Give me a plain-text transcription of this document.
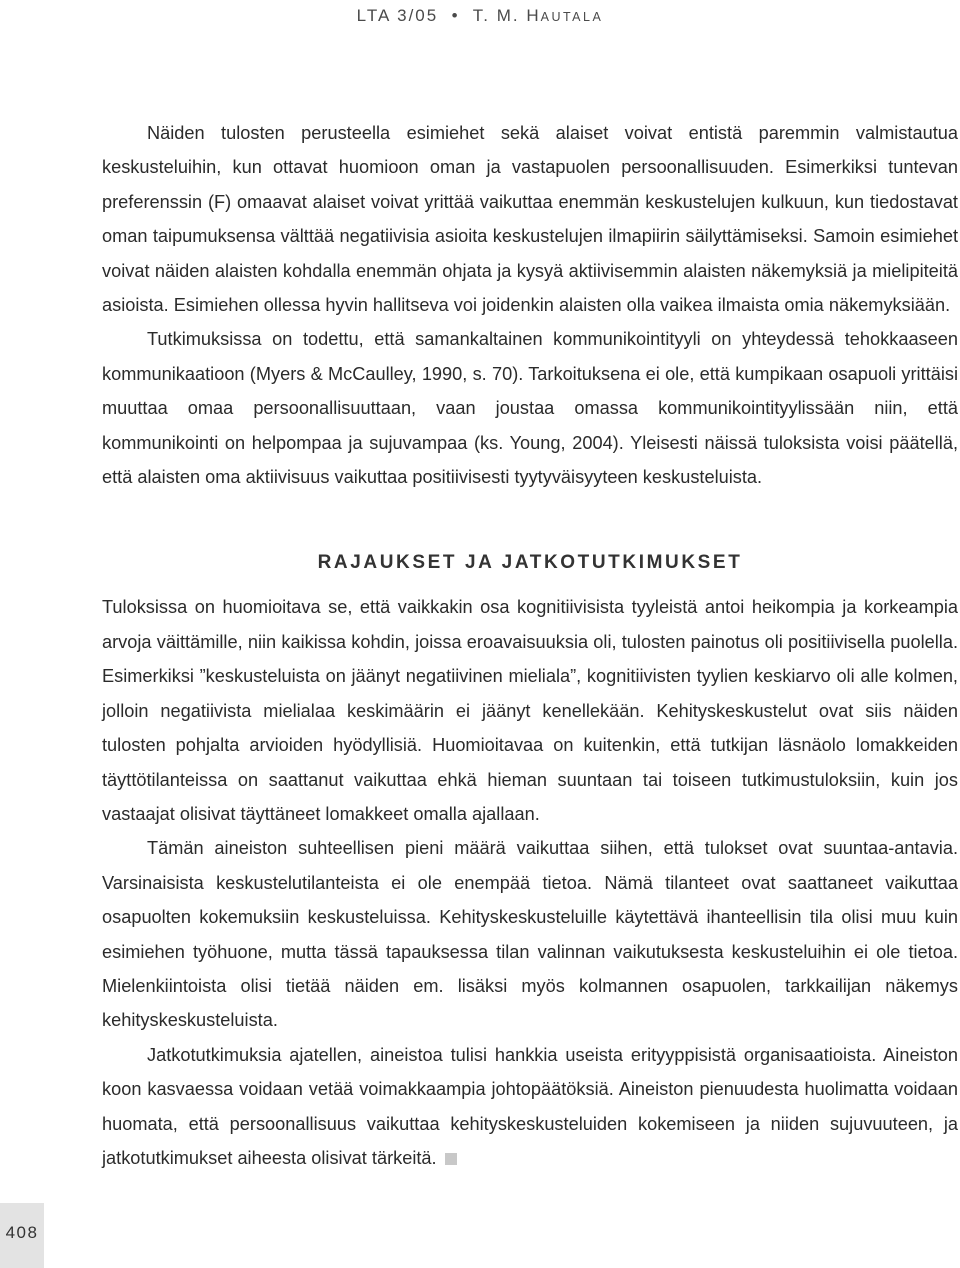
LTA 3/05 • T. M. HAUTALA

Näiden tulosten perusteella esimiehet sekä alaiset voivat entistä paremmin valmistautua keskusteluihin, kun ottavat huomioon oman ja vastapuolen persoonallisuuden. Esimerkiksi tuntevan preferenssin (F) omaavat alaiset voivat yrittää vaikuttaa enemmän keskustelujen kulkuun, kun tiedostavat oman taipumuksensa välttää negatiivisia asioita keskustelujen ilmapiirin säilyttämiseksi. Samoin esimiehet voivat näiden alaisten kohdalla enemmän ohjata ja kysyä aktiivisemmin alaisten näkemyksiä ja mielipiteitä asioista. Esimiehen ollessa hyvin hallitseva voi joidenkin alaisten olla vaikea ilmaista omia näkemyksiään.

Tutkimuksissa on todettu, että samankaltainen kommunikointityyli on yhteydessä tehokkaaseen kommunikaatioon (Myers & McCaulley, 1990, s. 70). Tarkoituksena ei ole, että kumpikaan osapuoli yrittäisi muuttaa omaa persoonallisuuttaan, vaan joustaa omassa kommunikointityylissään niin, että kommunikointi on helpompaa ja sujuvampaa (ks. Young, 2004). Yleisesti näissä tuloksista voisi päätellä, että alaisten oma aktiivisuus vaikuttaa positiivisesti tyytyväisyyteen keskusteluista.

RAJAUKSET JA JATKOTUTKIMUKSET

Tuloksissa on huomioitava se, että vaikkakin osa kognitiivisista tyyleistä antoi heikompia ja korkeampia arvoja väittämille, niin kaikissa kohdin, joissa eroavaisuuksia oli, tulosten painotus oli positiivisella puolella. Esimerkiksi ”keskusteluista on jäänyt negatiivinen mieliala”, kognitiivisten tyylien keskiarvo oli alle kolmen, jolloin negatiivista mielialaa keskimäärin ei jäänyt kenellekään. Kehityskeskustelut ovat siis näiden tulosten pohjalta arvioiden hyödyllisiä. Huomioitavaa on kuitenkin, että tutkijan läsnäolo lomakkeiden täyttötilanteissa on saattanut vaikuttaa ehkä hieman suuntaan tai toiseen tutkimustuloksiin, kuin jos vastaajat olisivat täyttäneet lomakkeet omalla ajallaan.

Tämän aineiston suhteellisen pieni määrä vaikuttaa siihen, että tulokset ovat suuntaa-antavia. Varsinaisista keskustelutilanteista ei ole enempää tietoa. Nämä tilanteet ovat saattaneet vaikuttaa osapuolten kokemuksiin keskusteluissa. Kehityskeskusteluille käytettävä ihanteellisin tila olisi muu kuin esimiehen työhuone, mutta tässä tapauksessa tilan valinnan vaikutuksesta keskusteluihin ei ole tietoa. Mielenkiintoista olisi tietää näiden em. lisäksi myös kolmannen osapuolen, tarkkailijan näkemys kehityskeskusteluista.

Jatkotutkimuksia ajatellen, aineistoa tulisi hankkia useista erityyppisistä organisaatioista. Aineiston koon kasvaessa voidaan vetää voimakkaampia johtopäätöksiä. Aineiston pienuudesta huolimatta voidaan huomata, että persoonallisuus vaikuttaa kehityskeskusteluiden kokemiseen ja niiden sujuvuuteen, ja jatkotutkimukset aiheesta olisivat tärkeitä.

408
